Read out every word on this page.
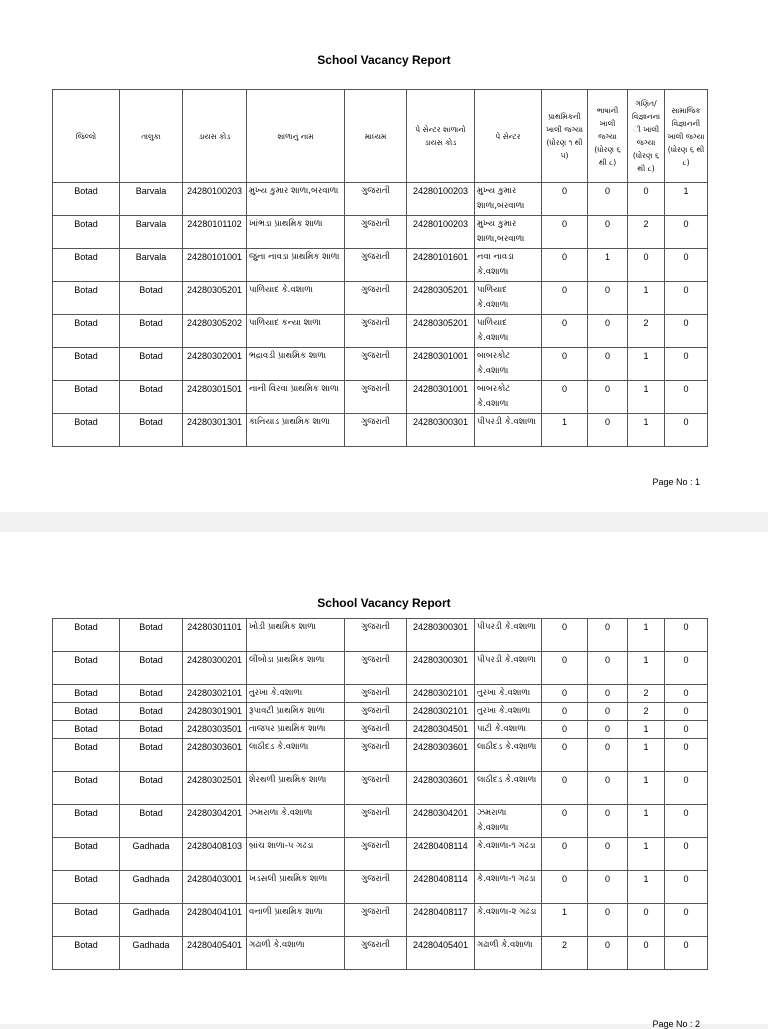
School Vacancy Report
જિલ્લો	તાલુકા	ડાયસ કોડ	શાળાનું નામ	માધ્યમ	પે સેન્ટર શાળાનો ડાયસ કોડ	પે સેન્ટર	પ્રાથમિકની ખાલી જગ્યા (ધોરણ ૧ થી ૫)	ભાષાની ખાલી જગ્યા (ધોરણ ૬ થી ૮)	ગણિત/ વિજ્ઞાનના ી ખાલી જગ્યા (ધોરણ ૬ થી ૮)	સામાજિક વિજ્ઞાનની ખાલી જગ્યા (ધોરણ ૬ થી ૮)
Botad	Barvala	24280100203	મુખ્ય કુમાર શાળા,બરવાળા	ગુજરાતી	24280100203	મુખ્ય કુમાર શાળા,બરવાળા	0	0	0	1
Botad	Barvala	24280101102	ખાંભડા પ્રાથમિક શાળા	ગુજરાતી	24280100203	મુખ્ય કુમાર શાળા,બરવાળા	0	0	2	0
Botad	Barvala	24280101001	જુના નાવડા પ્રાથમિક શાળા	ગુજરાતી	24280101601	નવા નાવડા કે.વશાળા	0	1	0	0
Botad	Botad	24280305201	પાળિયાદ કે.વશાળા	ગુજરાતી	24280305201	પાળિયાદ કે.વશાળા	0	0	1	0
Botad	Botad	24280305202	પાળિયાદ કન્યા શાળા	ગુજરાતી	24280305201	પાળિયાદ કે.વશાળા	0	0	2	0
Botad	Botad	24280302001	ભદ્રાવડી પ્રાથમિક શાળા	ગુજરાતી	24280301001	બાબરકોટ કે.વશાળા	0	0	1	0
Botad	Botad	24280301501	નાની વિરવા પ્રાથમિક શાળા	ગુજરાતી	24280301001	બાબરકોટ કે.વશાળા	0	0	1	0
Botad	Botad	24280301301	કાનિયાડ પ્રાથમિક શાળા	ગુજરાતી	24280300301	પીપરડી કે.વશાળા	1	0	1	0
Page No : 1
School Vacancy Report
Botad	Botad	24280301101	ખોડી પ્રાથમિક શાળા	ગુજરાતી	24280300301	પીપરડી કે.વશાળા	0	0	1	0
Botad	Botad	24280300201	લીંબોડા પ્રાથમિક શાળા	ગુજરાતી	24280300301	પીપરડી કે.વશાળા	0	0	1	0
Botad	Botad	24280302101	તુરખા કે.વશાળા	ગુજરાતી	24280302101	તુરખા કે.વશાળા	0	0	2	0
Botad	Botad	24280301901	રૂપાવટી પ્રાથમિક શાળા	ગુજરાતી	24280302101	તુરખા કે.વશાળા	0	0	2	0
Botad	Botad	24280303501	તાજપર પ્રાથમિક શાળા	ગુજરાતી	24280304501	પાટી કે.વશાળા	0	0	1	0
Botad	Botad	24280303601	લાઠીદડ કે.વશાળા	ગુજરાતી	24280303601	લાઠીદડ કે.વશાળા	0	0	1	0
Botad	Botad	24280302501	શેરથળી પ્રાથમિક શાળા	ગુજરાતી	24280303601	લાઠીદડ કે.વશાળા	0	0	1	0
Botad	Botad	24280304201	ઝમરાળા કે.વશાળા	ગુજરાતી	24280304201	ઝમરાળા કે.વશાળા	0	0	1	0
Botad	Gadhada	24280408103	બ્રાંચ શાળા-૫ ગઢડા	ગુજરાતી	24280408114	કે.વશાળા-૧ ગઢડા	0	0	1	0
Botad	Gadhada	24280403001	ખડસલી પ્રાથમિક શાળા	ગુજરાતી	24280408114	કે.વશાળા-૧ ગઢડા	0	0	1	0
Botad	Gadhada	24280404101	વનાળી પ્રાથમિક શાળા	ગુજરાતી	24280408117	કે.વશાળા-૨ ગઢડા	1	0	0	0
Botad	Gadhada	24280405401	ગઢાળી કે.વશાળા	ગુજરાતી	24280405401	ગઢાળી કે.વશાળા	2	0	0	0
Page No : 2
